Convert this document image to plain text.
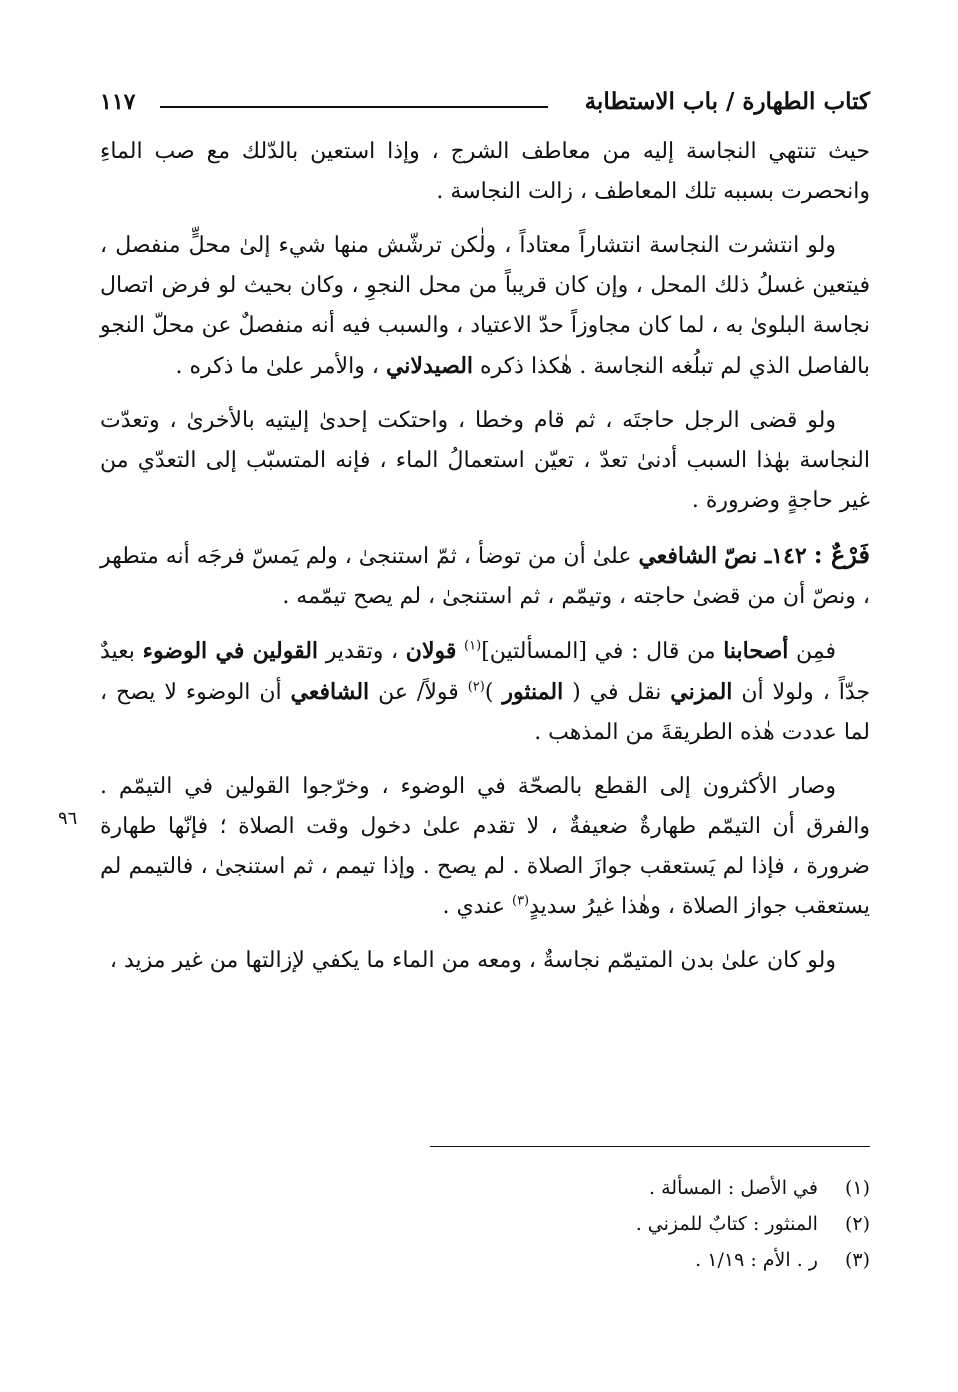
كتاب الطهارة / باب الاستطابة
١١٧

حيث تنتهي النجاسة إليه من معاطف الشرج ، وإذا استعين بالدّلك مع صب الماءِ وانحصرت بسببه تلك المعاطف ، زالت النجاسة .

ولو انتشرت النجاسة انتشاراً معتاداً ، ولٰكن ترشّش منها شيء إلىٰ محلٍّ منفصل ، فيتعين غسلُ ذلك المحل ، وإن كان قريباً من محل النجوِ ، وكان بحيث لو فرض اتصال نجاسة البلوىٰ به ، لما كان مجاوزاً حدّ الاعتياد ، والسبب فيه أنه منفصلٌ عن محلّ النجو بالفاصل الذي لم تبلُغه النجاسة . هٰكذا ذكره الصيدلاني ، والأمر علىٰ ما ذكره .

ولو قضى الرجل حاجتَه ، ثم قام وخطا ، واحتكت إحدىٰ إليتيه بالأخرىٰ ، وتعدّت النجاسة بهٰذا السبب أدنىٰ تعدّ ، تعيّن استعمالُ الماء ، فإنه المتسبّب إلى التعدّي من غير حاجةٍ وضرورة .

فَرْعٌ : ١٤٢ـ نصّ الشافعي علىٰ أن من توضأ ، ثمّ استنجىٰ ، ولم يَمسّ فرجَه أنه متطهر ، ونصّ أن من قضىٰ حاجته ، وتيمّم ، ثم استنجىٰ ، لم يصح تيمّمه .

فمِن أصحابنا من قال : في [المسألتين]$^{(١)}$ قولان ، وتقدير القولين في الوضوء بعيدٌ جدّاً ، ولولا أن المزني نقل في ( المنثور )$^{(٢)}$ قولاً/ عن الشافعي أن الوضوء لا يصح ، لما عددت هٰذه الطريقةَ من المذهب .

وصار الأكثرون إلى القطع بالصحّة في الوضوء ، وخرّجوا القولين في التيمّم . والفرق أن التيمّم طهارةٌ ضعيفةٌ ، لا تقدم علىٰ دخول وقت الصلاة ؛ فإنّها طهارة ضرورة ، فإذا لم يَستعقب جوازَ الصلاة . لم يصح . وإذا تيمم ، ثم استنجىٰ ، فالتيمم لم يستعقب جواز الصلاة ، وهٰذا غيرُ سديدٍ$^{(٣)}$ عندي .

ولو كان علىٰ بدن المتيمّم نجاسةٌ ، ومعه من الماء ما يكفي لإزالتها من غير مزيد ،

٩٦
(١) في الأصل : المسألة .
(٢) المنثور : كتابٌ للمزني .
(٣) ر . الأم : ١/١٩ .
